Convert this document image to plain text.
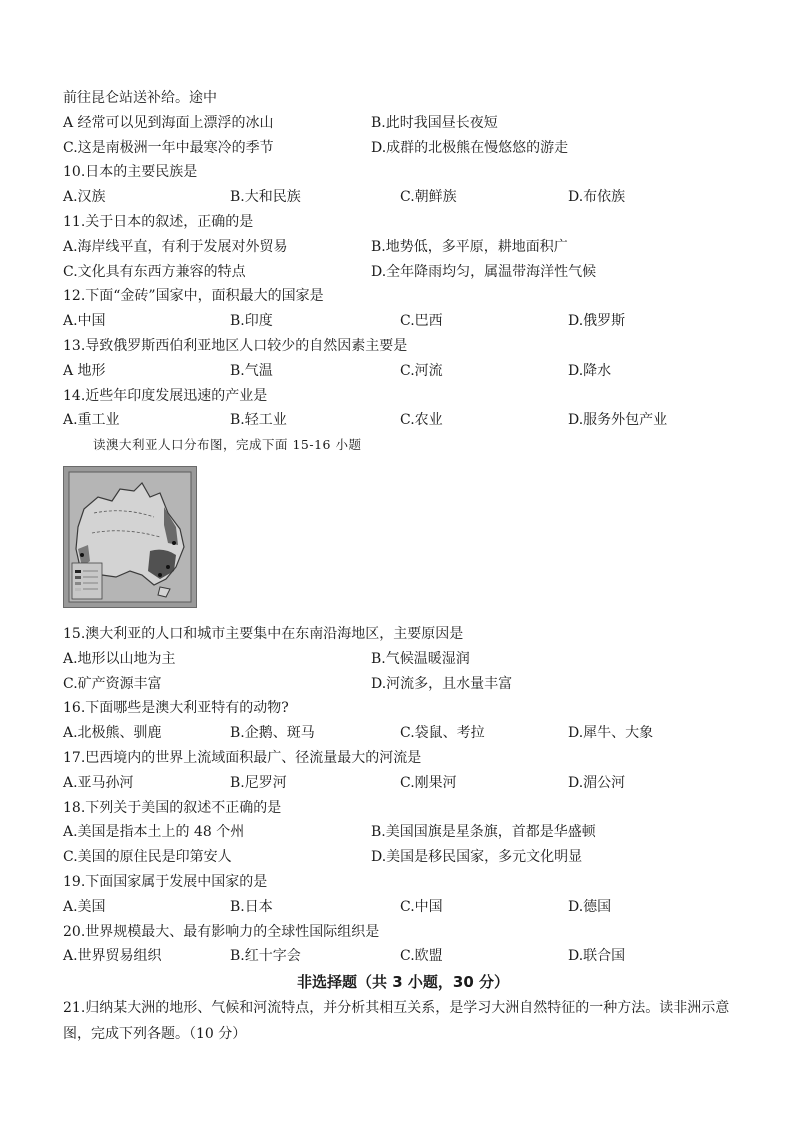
前往昆仑站送补给。途中
A 经常可以见到海面上漂浮的冰山	B.此时我国昼长夜短
C.这是南极洲一年中最寒冷的季节	D.成群的北极熊在慢悠悠的游走
10.日本的主要民族是
A.汉族	B.大和民族	C.朝鲜族	D.布依族
11.关于日本的叙述，正确的是
A.海岸线平直，有利于发展对外贸易	B.地势低，多平原，耕地面积广
C.文化具有东西方兼容的特点	D.全年降雨均匀，属温带海洋性气候
12.下面“金砖”国家中，面积最大的国家是
A.中国	B.印度	C.巴西	D.俄罗斯
13.导致俄罗斯西伯利亚地区人口较少的自然因素主要是
A 地形	B.气温	C.河流	D.降水
14.近些年印度发展迅速的产业是
A.重工业	B.轻工业	C.农业	D.服务外包产业
读澳大利亚人口分布图，完成下面 15-16 小题
15.澳大利亚的人口和城市主要集中在东南沿海地区，主要原因是
A.地形以山地为主	B.气候温暖湿润
C.矿产资源丰富	D.河流多，且水量丰富
16.下面哪些是澳大利亚特有的动物?
A.北极熊、驯鹿	B.企鹅、斑马	C.袋鼠、考拉	D.犀牛、大象
17.巴西境内的世界上流域面积最广、径流量最大的河流是
A.亚马孙河	B.尼罗河	C.刚果河	D.湄公河
18.下列关于美国的叙述不正确的是
A.美国是指本土上的 48 个州	B.美国国旗是星条旗，首都是华盛顿
C.美国的原住民是印第安人	D.美国是移民国家，多元文化明显
19.下面国家属于发展中国家的是
A.美国	B.日本	C.中国	D.德国
20.世界规模最大、最有影响力的全球性国际组织是
A.世界贸易组织	B.红十字会	C.欧盟	D.联合国
非选择题（共 3 小题，30 分）
21.归纳某大洲的地形、气候和河流特点，并分析其相互关系，是学习大洲自然特征的一种方法。读非洲示意图，完成下列各题。（10 分）
